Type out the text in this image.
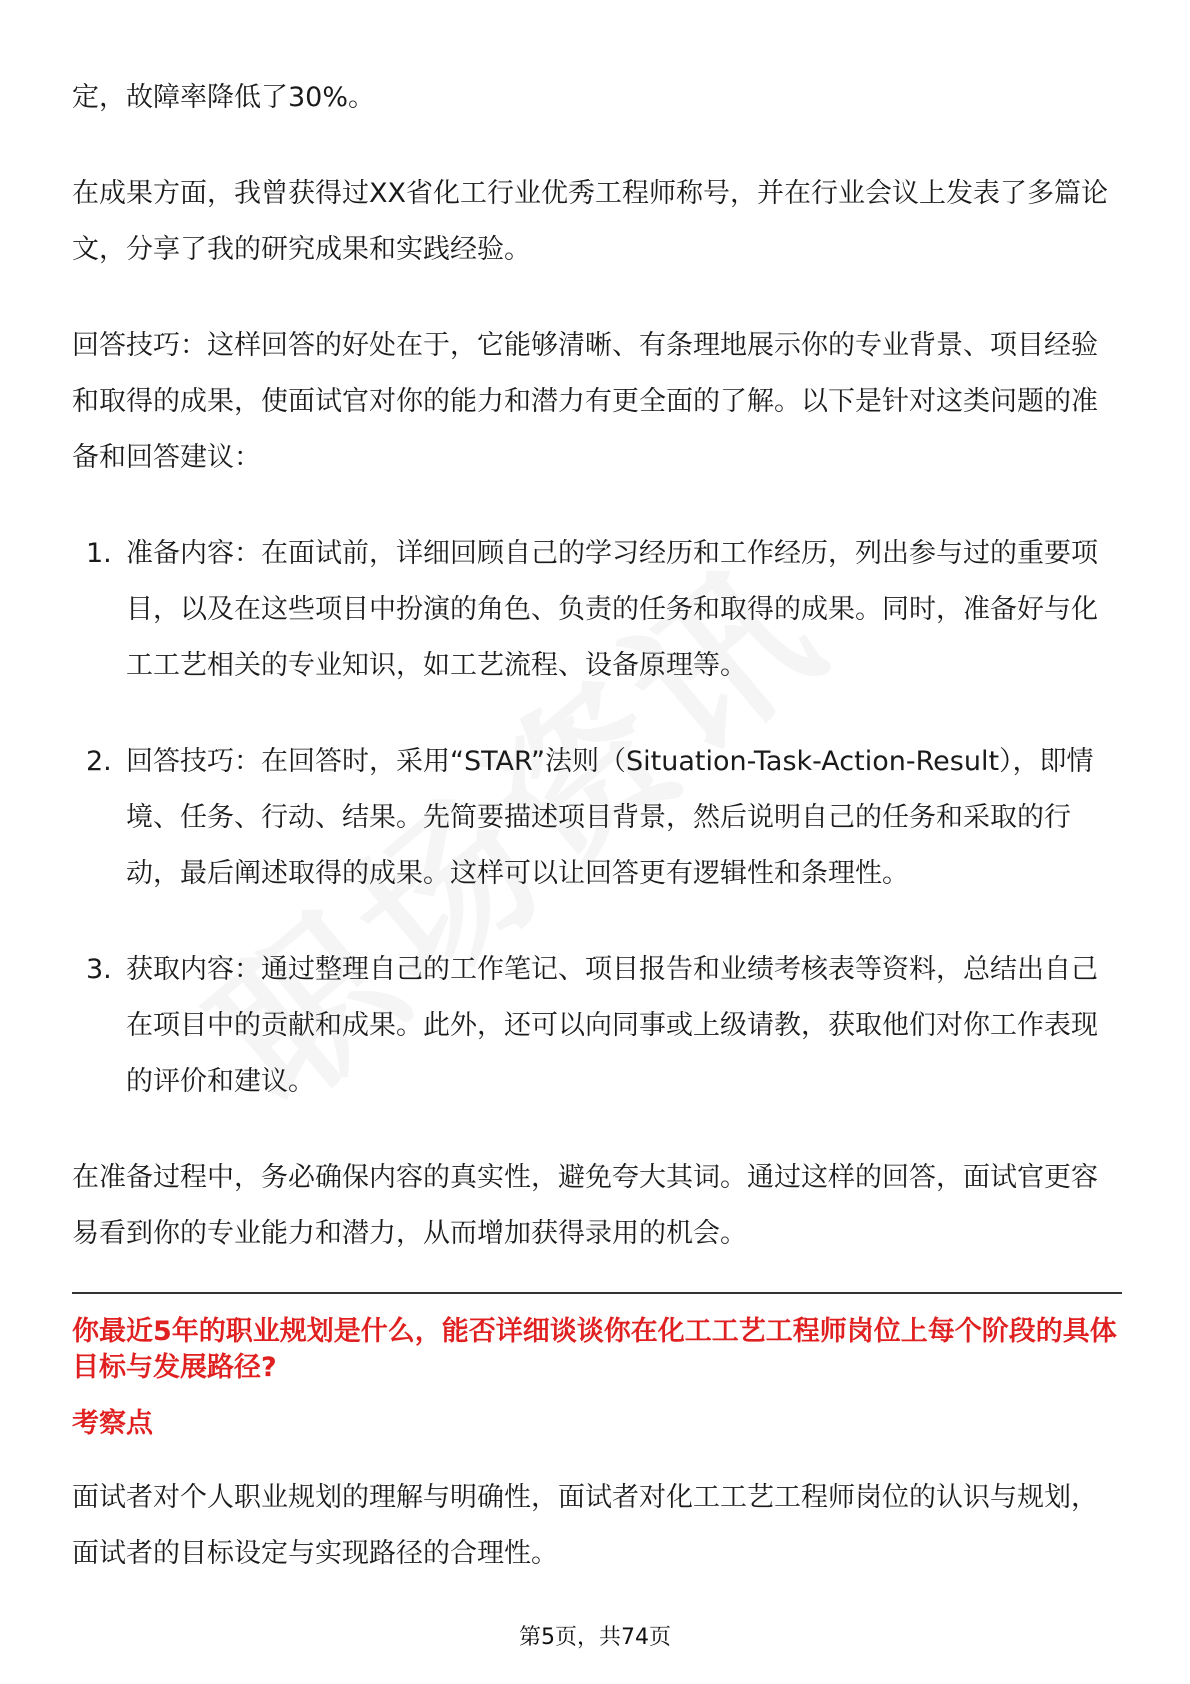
定，故障率降低了30%。

在成果方面，我曾获得过XX省化工行业优秀工程师称号，并在行业会议上发表了多篇论文，分享了我的研究成果和实践经验。

回答技巧：这样回答的好处在于，它能够清晰、有条理地展示你的专业背景、项目经验和取得的成果，使面试官对你的能力和潜力有更全面的了解。以下是针对这类问题的准备和回答建议：

1. 准备内容：在面试前，详细回顾自己的学习经历和工作经历，列出参与过的重要项目，以及在这些项目中扮演的角色、负责的任务和取得的成果。同时，准备好与化工工艺相关的专业知识，如工艺流程、设备原理等。
2. 回答技巧：在回答时，采用“STAR”法则（Situation-Task-Action-Result），即情境、任务、行动、结果。先简要描述项目背景，然后说明自己的任务和采取的行动，最后阐述取得的成果。这样可以让回答更有逻辑性和条理性。
3. 获取内容：通过整理自己的工作笔记、项目报告和业绩考核表等资料，总结出自己在项目中的贡献和成果。此外，还可以向同事或上级请教，获取他们对你工作表现的评价和建议。

在准备过程中，务必确保内容的真实性，避免夸大其词。通过这样的回答，面试官更容易看到你的专业能力和潜力，从而增加获得录用的机会。

你最近5年的职业规划是什么，能否详细谈谈你在化工工艺工程师岗位上每个阶段的具体目标与发展路径?
考察点

面试者对个人职业规划的理解与明确性，面试者对化工工艺工程师岗位的认识与规划，面试者的目标设定与实现路径的合理性。

第5页，共74页
